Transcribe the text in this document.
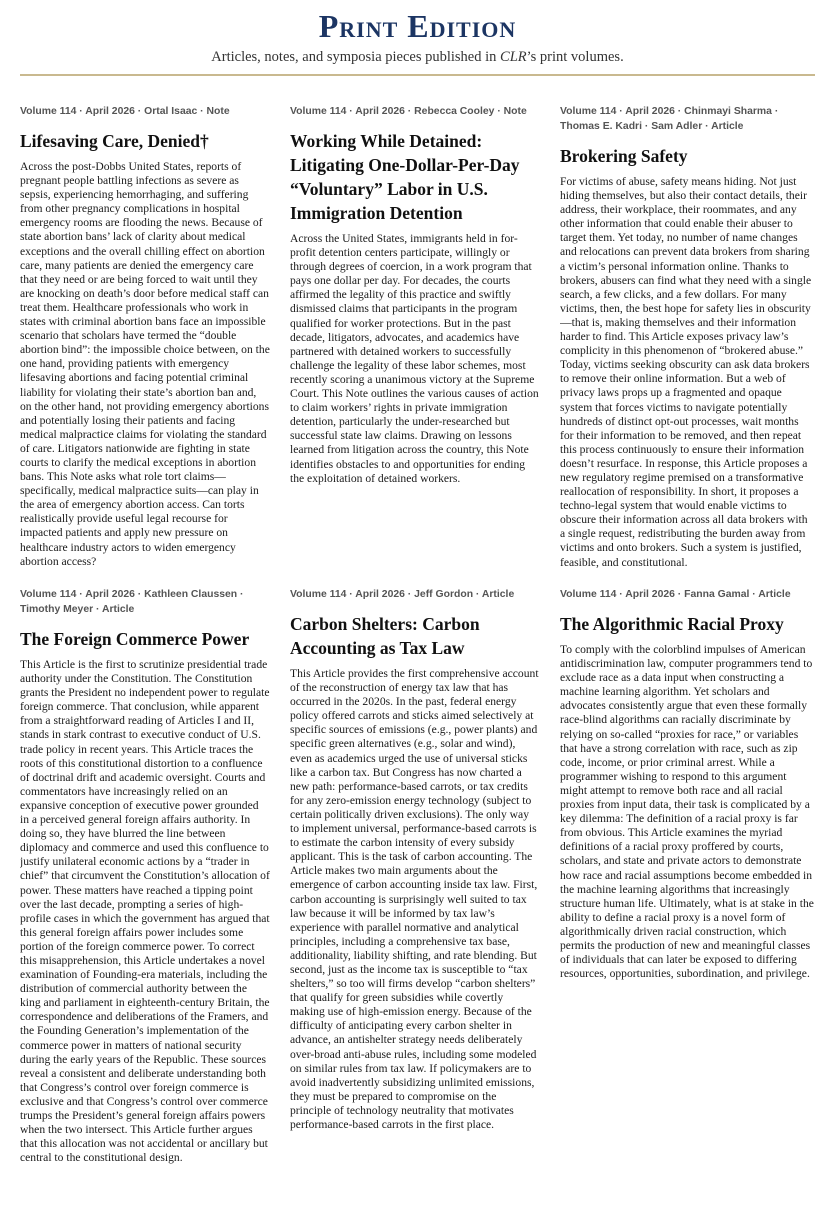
Print Edition
Articles, notes, and symposia pieces published in CLR’s print volumes.
Volume 114 · April 2026 · Ortal Isaac · Note
Lifesaving Care, Denied†

Across the post-Dobbs United States, reports of pregnant people battling infections as severe as sepsis, experiencing hemorrhaging, and suffering from other pregnancy complications in hospital emergency rooms are flooding the news. Because of state abortion bans’ lack of clarity about medical exceptions and the overall chilling effect on abortion care, many patients are denied the emergency care that they need or are being forced to wait until they are knocking on death’s door before medical staff can treat them. Healthcare professionals who work in states with criminal abortion bans face an impossible scenario that scholars have termed the “double abortion bind”: the impossible choice between, on the one hand, providing patients with emergency lifesaving abortions and facing potential criminal liability for violating their state’s abortion ban and, on the other hand, not providing emergency abortions and potentially losing their patients and facing medical malpractice claims for violating the standard of care. Litigators nationwide are fighting in state courts to clarify the medical exceptions in abortion bans. This Note asks what role tort claims—specifically, medical malpractice suits—can play in the area of emergency abortion access. Can torts realistically provide useful legal recourse for impacted patients and apply new pressure on healthcare industry actors to widen emergency abortion access?

Volume 114 · April 2026 · Rebecca Cooley · Note
Working While Detained: Litigating One-Dollar-Per-Day “Voluntary” Labor in U.S. Immigration Detention

Across the United States, immigrants held in for-profit detention centers participate, willingly or through degrees of coercion, in a work program that pays one dollar per day. For decades, the courts affirmed the legality of this practice and swiftly dismissed claims that participants in the program qualified for worker protections. But in the past decade, litigators, advocates, and academics have partnered with detained workers to successfully challenge the legality of these labor schemes, most recently scoring a unanimous victory at the Supreme Court. This Note outlines the various causes of action to claim workers’ rights in private immigration detention, particularly the under-researched but successful state law claims. Drawing on lessons learned from litigation across the country, this Note identifies obstacles to and opportunities for ending the exploitation of detained workers.

Volume 114 · April 2026 · Chinmayi Sharma · Thomas E. Kadri · Sam Adler · Article
Brokering Safety

For victims of abuse, safety means hiding. Not just hiding themselves, but also their contact details, their address, their workplace, their roommates, and any other information that could enable their abuser to target them. Yet today, no number of name changes and relocations can prevent data brokers from sharing a victim’s personal information online. Thanks to brokers, abusers can find what they need with a single search, a few clicks, and a few dollars. For many victims, then, the best hope for safety lies in obscurity—that is, making themselves and their information harder to find. This Article exposes privacy law’s complicity in this phenomenon of “brokered abuse.” Today, victims seeking obscurity can ask data brokers to remove their online information. But a web of privacy laws props up a fragmented and opaque system that forces victims to navigate potentially hundreds of distinct opt-out processes, wait months for their information to be removed, and then repeat this process continuously to ensure their information doesn’t resurface. In response, this Article proposes a new regulatory regime premised on a transformative reallocation of responsibility. In short, it proposes a techno-legal system that would enable victims to obscure their information across all data brokers with a single request, redistributing the burden away from victims and onto brokers. Such a system is justified, feasible, and constitutional.

Volume 114 · April 2026 · Kathleen Claussen · Timothy Meyer · Article
The Foreign Commerce Power

This Article is the first to scrutinize presidential trade authority under the Constitution. The Constitution grants the President no independent power to regulate foreign commerce. That conclusion, while apparent from a straightforward reading of Articles I and II, stands in stark contrast to executive conduct of U.S. trade policy in recent years. This Article traces the roots of this constitutional distortion to a confluence of doctrinal drift and academic oversight. Courts and commentators have increasingly relied on an expansive conception of executive power grounded in a perceived general foreign affairs authority. In doing so, they have blurred the line between diplomacy and commerce and used this confluence to justify unilateral economic actions by a “trader in chief” that circumvent the Constitution’s allocation of power. These matters have reached a tipping point over the last decade, prompting a series of high-profile cases in which the government has argued that this general foreign affairs power includes some portion of the foreign commerce power. To correct this misapprehension, this Article undertakes a novel examination of Founding-era materials, including the distribution of commercial authority between the king and parliament in eighteenth-century Britain, the correspondence and deliberations of the Framers, and the Founding Generation’s implementation of the commerce power in matters of national security during the early years of the Republic. These sources reveal a consistent and deliberate understanding both that Congress’s control over foreign commerce is exclusive and that Congress’s control over commerce trumps the President’s general foreign affairs powers when the two intersect. This Article further argues that this allocation was not accidental or ancillary but central to the constitutional design.

Volume 114 · April 2026 · Jeff Gordon · Article
Carbon Shelters: Carbon Accounting as Tax Law

This Article provides the first comprehensive account of the reconstruction of energy tax law that has occurred in the 2020s. In the past, federal energy policy offered carrots and sticks aimed selectively at specific sources of emissions (e.g., power plants) and specific green alternatives (e.g., solar and wind), even as academics urged the use of universal sticks like a carbon tax. But Congress has now charted a new path: performance-based carrots, or tax credits for any zero-emission energy technology (subject to certain politically driven exclusions). The only way to implement universal, performance-based carrots is to estimate the carbon intensity of every subsidy applicant. This is the task of carbon accounting. The Article makes two main arguments about the emergence of carbon accounting inside tax law. First, carbon accounting is surprisingly well suited to tax law because it will be informed by tax law’s experience with parallel normative and analytical principles, including a comprehensive tax base, additionality, liability shifting, and rate blending. But second, just as the income tax is susceptible to “tax shelters,” so too will firms develop “carbon shelters” that qualify for green subsidies while covertly making use of high-emission energy. Because of the difficulty of anticipating every carbon shelter in advance, an antishelter strategy needs deliberately over-broad anti-abuse rules, including some modeled on similar rules from tax law. If policymakers are to avoid inadvertently subsidizing unlimited emissions, they must be prepared to compromise on the principle of technology neutrality that motivates performance-based carrots in the first place.

Volume 114 · April 2026 · Fanna Gamal · Article
The Algorithmic Racial Proxy

To comply with the colorblind impulses of American antidiscrimination law, computer programmers tend to exclude race as a data input when constructing a machine learning algorithm. Yet scholars and advocates consistently argue that even these formally race-blind algorithms can racially discriminate by relying on so-called “proxies for race,” or variables that have a strong correlation with race, such as zip code, income, or prior criminal arrest. While a programmer wishing to respond to this argument might attempt to remove both race and all racial proxies from input data, their task is complicated by a key dilemma: The definition of a racial proxy is far from obvious. This Article examines the myriad definitions of a racial proxy proffered by courts, scholars, and state and private actors to demonstrate how race and racial assumptions become embedded in the machine learning algorithms that increasingly structure human life. Ultimately, what is at stake in the ability to define a racial proxy is a novel form of algorithmically driven racial construction, which permits the production of new and meaningful classes of individuals that can later be exposed to differing resources, opportunities, subordination, and privilege.
